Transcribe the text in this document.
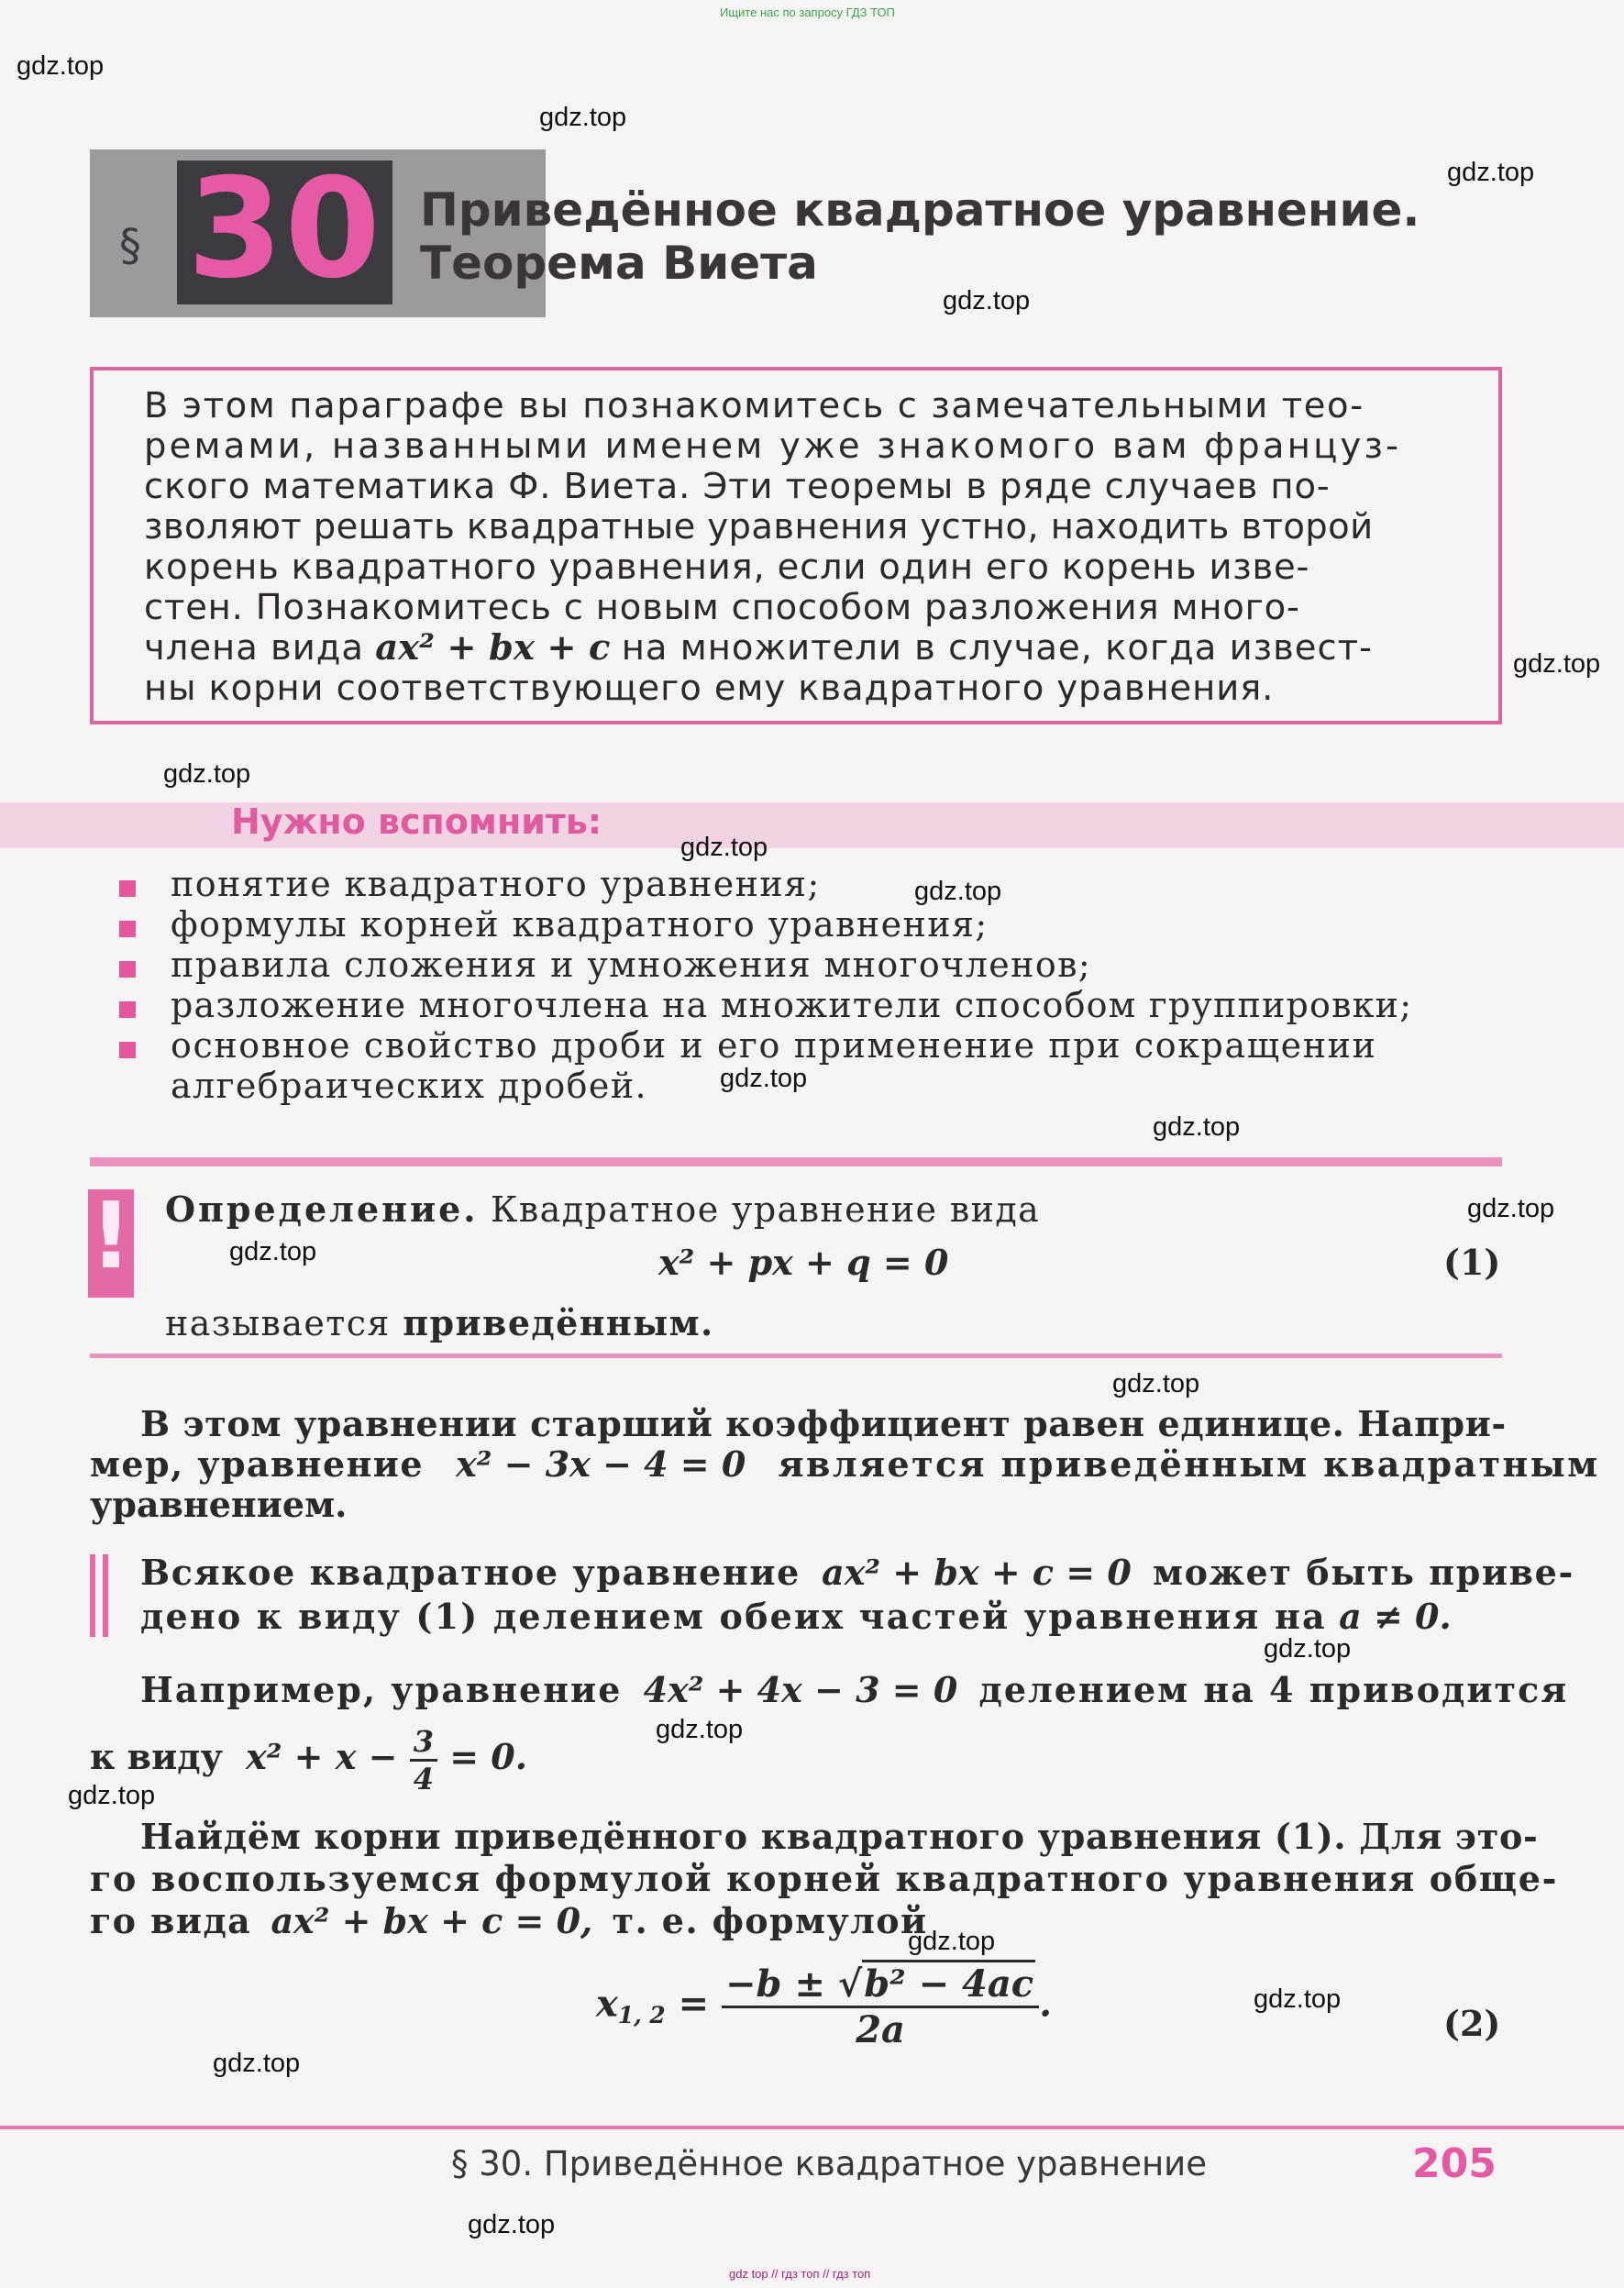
Ищите нас по запросу ГДЗ ТОП
30
§
Приведённое квадратное уравнение.
Теорема Виета
В этом параграфе вы познакомитесь с замечательными тео-
ремами, названными именем уже знакомого вам француз-
ского математика Ф. Виета. Эти теоремы в ряде случаев по-
зволяют решать квадратные уравнения устно, находить второй
корень квадратного уравнения, если один его корень изве-
стен. Познакомитесь с новым способом разложения много-
члена вида ax² + bx + c на множители в случае, когда извест-
ны корни соответствующего ему квадратного уравнения.
Нужно вспомнить:
понятие квадратного уравнения;
формулы корней квадратного уравнения;
правила сложения и умножения многочленов;
разложение многочлена на множители способом группировки;
основное свойство дроби и его применение при сокращении
алгебраических дробей.
! Определение. Квадратное уравнение вида
x² + px + q = 0	(1)
называется приведённым.
В этом уравнении старший коэффициент равен единице. Напри-
мер, уравнение x² − 3x − 4 = 0 является приведённым квадратным
уравнением.
Всякое квадратное уравнение ax² + bx + c = 0 может быть приве-
дено к виду (1) делением обеих частей уравнения на a ≠ 0.
Например, уравнение 4x² + 4x − 3 = 0 делением на 4 приводится
к виду $x^2 + x - \frac{3}{4} = 0$.
Найдём корни приведённого квадратного уравнения (1). Для это-
го воспользуемся формулой корней квадратного уравнения обще-
го вида ax² + bx + c = 0, т. е. формулой
$x_{1, 2} = \frac{\text{−b ± √b² − 4ac}}{2a}$ .	(2)
§ 30. Приведённое квадратное уравнение	205
gdz top // гдз топ // гдз топ
gdz.top
gdz.top
gdz.top
gdz.top
gdz.top
gdz.top
gdz.top
gdz.top
gdz.top
gdz.top
gdz.top
gdz.top
gdz.top
gdz.top
gdz.top
gdz.top
gdz.top
gdz.top
gdz.top
gdz.top
